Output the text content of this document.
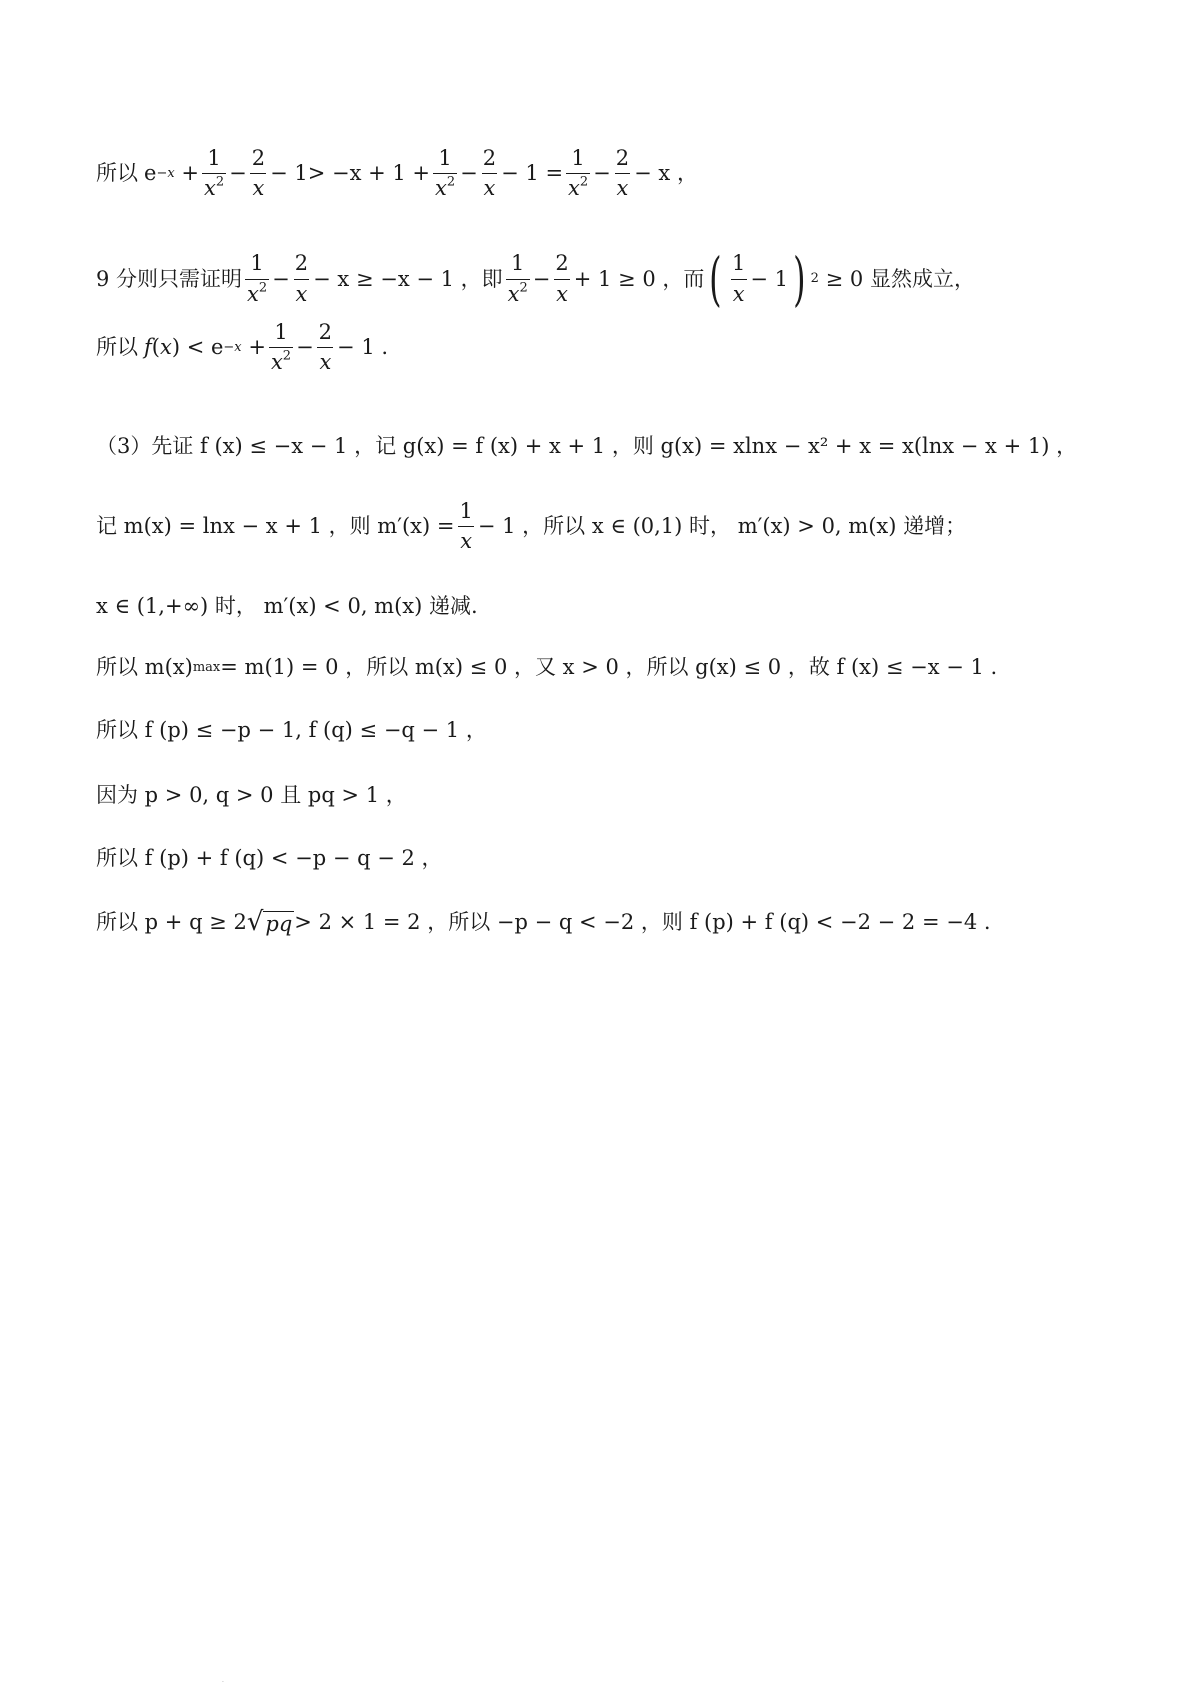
所以 $e -x + \frac{1}{x^2} - \frac{2}{x} - 1 > -x + 1 + \frac{1}{x^2} - \frac{2}{x} - 1 = \frac{1}{x^2} - \frac{2}{x} - x$ ，
9 分则只需证明 $\frac{1}{x^2} - \frac{2}{x} - x \ge -x - 1$ ，即 $\frac{1}{x^2} - \frac{2}{x} + 1 \ge 0$ ，而 ( $\frac{1}{x} - 1$ ) 2
≥ 0 显然成立，
所以 f $(x) < e -x + \frac{1}{x^2} - \frac{2}{x} - 1$ .
（3）先证 f (x) ≤ −x − 1 ，记 g(x) = f (x) + x + 1 ，则 g(x) = xlnx − x² + x = x(lnx − x + 1) ，
记 m(x) = lnx − x + 1 ，则 $m'(x) = \frac{1}{x} - 1$ ，所以 x ∈ (0,1) 时， m′(x) > 0, m(x) 递增；
x ∈ (1,+∞) 时， m′(x) < 0, m(x) 递减.
所以 m(x) max = m(1) = 0 ，所以 m(x) ≤ 0 ，又 x > 0 ，所以 g(x) ≤ 0 ，故 f (x) ≤ −x − 1 .
所以 f (p) ≤ −p − 1, f (q) ≤ −q − 1 ，
因为 p > 0, q > 0 且 pq > 1 ，
所以 f (p) + f (q) < −p − q − 2 ，
所以 p + q ≥ 2 √ pq > 2 × 1 = 2 ，所以 −p − q < −2 ，则 f (p) + f (q) < −2 − 2 = −4 .
·
